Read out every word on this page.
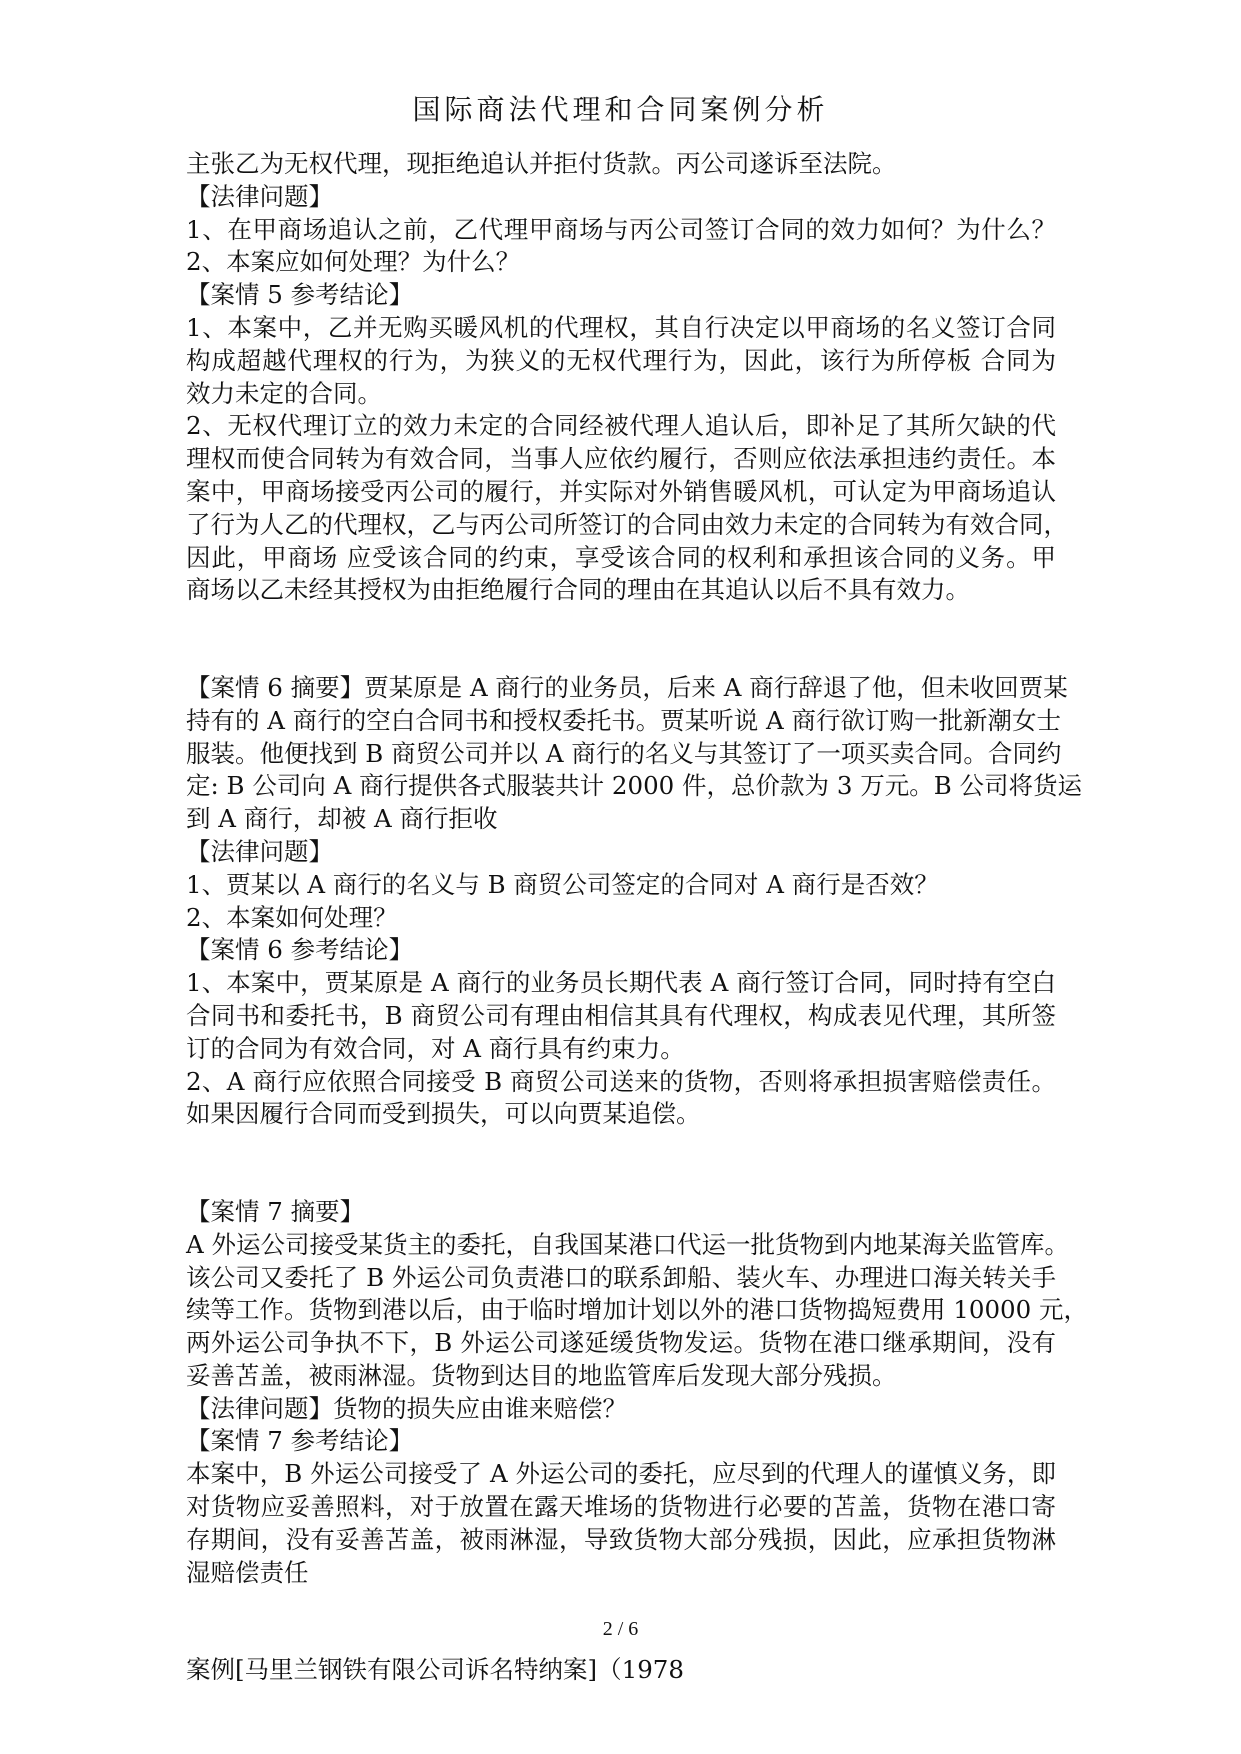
国际商法代理和合同案例分析

主张乙为无权代理，现拒绝追认并拒付货款。丙公司遂诉至法院。

【法律问题】

1、在甲商场追认之前，乙代理甲商场与丙公司签订合同的效力如何？为什么？

2、本案应如何处理？为什么？

【案情 5 参考结论】

1、本案中，乙并无购买暖风机的代理权，其自行决定以甲商场的名义签订合同

构成超越代理权的行为，为狭义的无权代理行为，因此，该行为所停板 合同为

效力未定的合同。

2、无权代理订立的效力未定的合同经被代理人追认后，即补足了其所欠缺的代

理权而使合同转为有效合同，当事人应依约履行，否则应依法承担违约责任。本

案中，甲商场接受丙公司的履行，并实际对外销售暖风机，可认定为甲商场追认

了行为人乙的代理权，乙与丙公司所签订的合同由效力未定的合同转为有效合同，

因此，甲商场 应受该合同的约束，享受该合同的权利和承担该合同的义务。甲

商场以乙未经其授权为由拒绝履行合同的理由在其追认以后不具有效力。

【案情 6 摘要】贾某原是 A 商行的业务员，后来 A 商行辞退了他，但未收回贾某

持有的 A 商行的空白合同书和授权委托书。贾某听说 A 商行欲订购一批新潮女士

服装。他便找到 B 商贸公司并以 A 商行的名义与其签订了一项买卖合同。合同约

定: B 公司向 A 商行提供各式服装共计 2000 件，总价款为 3 万元。B 公司将货运

到 A 商行，却被 A 商行拒收

【法律问题】

1、贾某以 A 商行的名义与 B 商贸公司签定的合同对 A 商行是否效？

2、本案如何处理？

【案情 6 参考结论】

1、本案中，贾某原是 A 商行的业务员长期代表 A 商行签订合同，同时持有空白

合同书和委托书，B 商贸公司有理由相信其具有代理权，构成表见代理，其所签

订的合同为有效合同，对 A 商行具有约束力。

2、A 商行应依照合同接受 B 商贸公司送来的货物，否则将承担损害赔偿责任。

如果因履行合同而受到损失，可以向贾某追偿。

【案情 7 摘要】

A 外运公司接受某货主的委托，自我国某港口代运一批货物到内地某海关监管库。

该公司又委托了 B 外运公司负责港口的联系卸船、装火车、办理进口海关转关手

续等工作。货物到港以后，由于临时增加计划以外的港口货物捣短费用 10000 元，

两外运公司争执不下，B 外运公司遂延缓货物发运。货物在港口继承期间，没有

妥善苫盖，被雨淋湿。货物到达目的地监管库后发现大部分残损。

【法律问题】货物的损失应由谁来赔偿？

【案情 7 参考结论】

本案中，B 外运公司接受了 A 外运公司的委托，应尽到的代理人的谨慎义务，即

对货物应妥善照料，对于放置在露天堆场的货物进行必要的苫盖，货物在港口寄

存期间，没有妥善苫盖，被雨淋湿，导致货物大部分残损，因此，应承担货物淋

湿赔偿责任

案例[马里兰钢铁有限公司诉名特纳案]（1978

2 / 6
